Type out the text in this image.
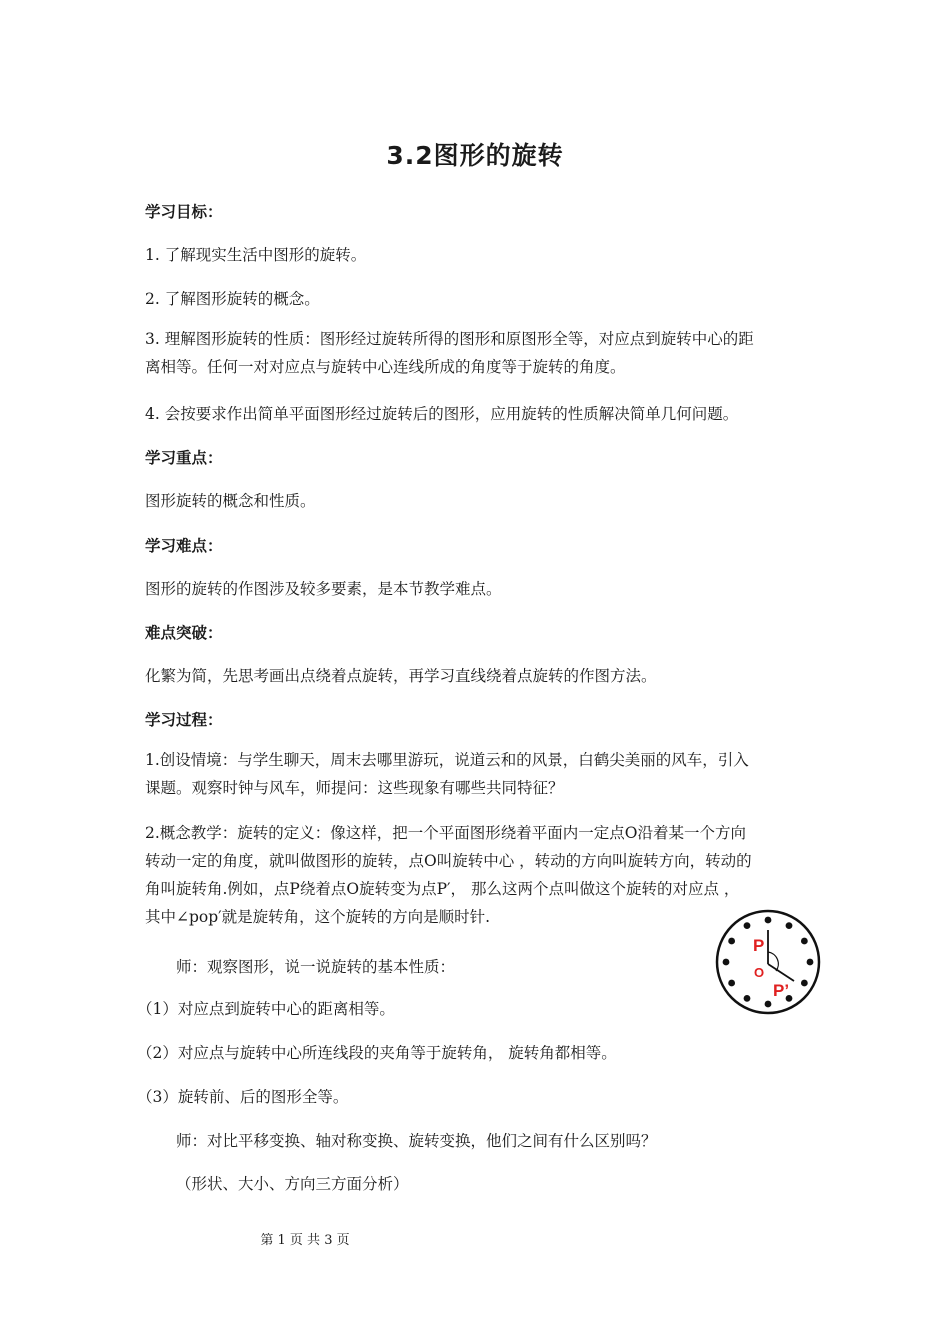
3.2图形的旋转
学习目标：
1. 了解现实生活中图形的旋转。
2. 了解图形旋转的概念。
3. 理解图形旋转的性质：图形经过旋转所得的图形和原图形全等，对应点到旋转中心的距
离相等。任何一对对应点与旋转中心连线所成的角度等于旋转的角度。
4. 会按要求作出简单平面图形经过旋转后的图形，应用旋转的性质解决简单几何问题。
学习重点：
图形旋转的概念和性质。
学习难点：
图形的旋转的作图涉及较多要素，是本节教学难点。
难点突破：
化繁为简，先思考画出点绕着点旋转，再学习直线绕着点旋转的作图方法。
学习过程：
1.创设情境：与学生聊天，周末去哪里游玩，说道云和的风景，白鹤尖美丽的风车，引入
课题。观察时钟与风车，师提问：这些现象有哪些共同特征？
2.概念教学：旋转的定义：像这样，把一个平面图形绕着平面内一定点O沿着某一个方向
转动一定的角度，就叫做图形的旋转，点O叫旋转中心 ，转动的方向叫旋转方向，转动的
角叫旋转角.例如，点P绕着点O旋转变为点P′， 那么这两个点叫做这个旋转的对应点 ，
其中∠pop′就是旋转角，这个旋转的方向是顺时针.
师：观察图形，说一说旋转的基本性质：
（1）对应点到旋转中心的距离相等。
（2）对应点与旋转中心所连线段的夹角等于旋转角， 旋转角都相等。
（3）旋转前、后的图形全等。
师：对比平移变换、轴对称变换、旋转变换，他们之间有什么区别吗？
（形状、大小、方向三方面分析）
P
P’
O
第 1 页 共 3 页
